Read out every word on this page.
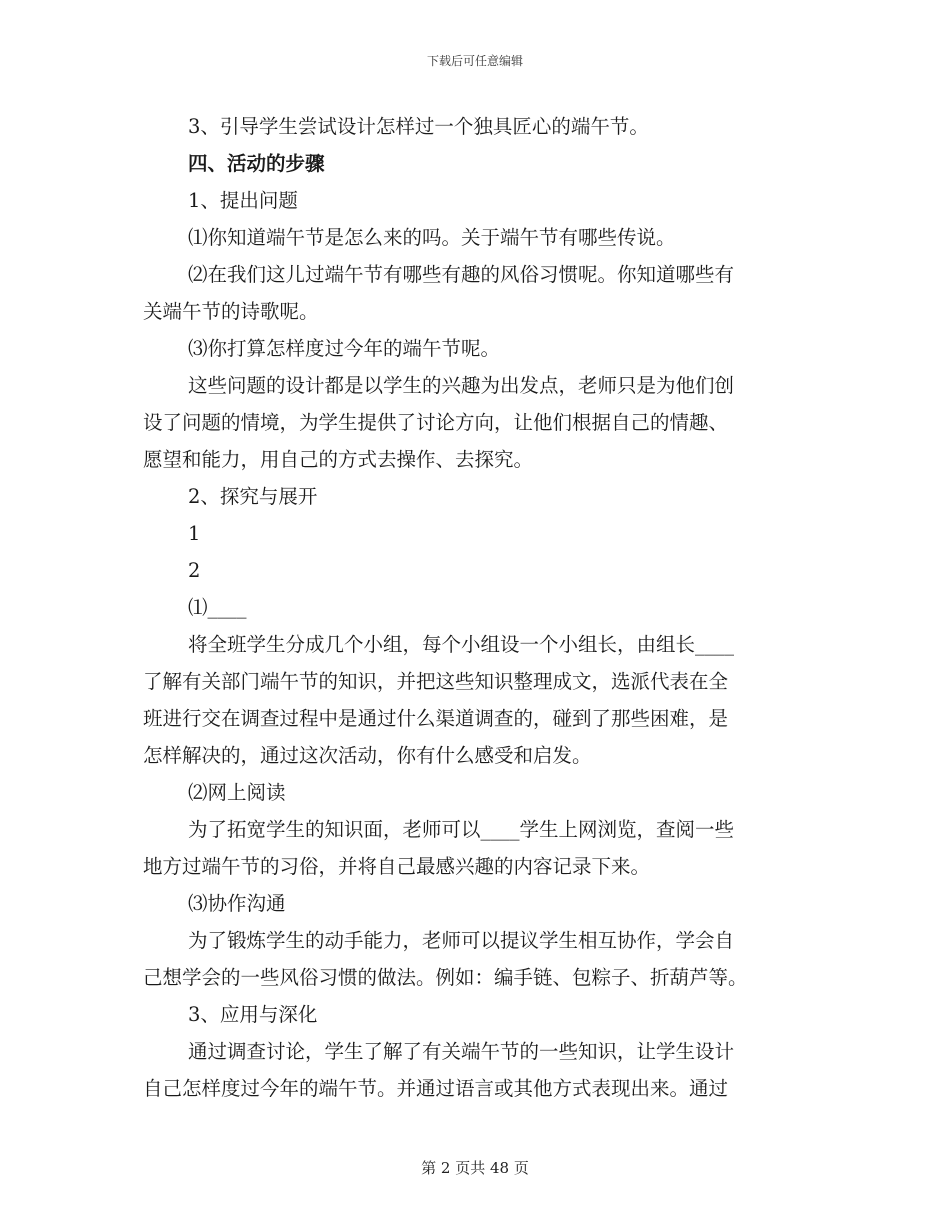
下载后可任意编辑

3、引导学生尝试设计怎样过一个独具匠心的端午节。

四、活动的步骤

1、提出问题

⑴你知道端午节是怎么来的吗。关于端午节有哪些传说。

⑵在我们这儿过端午节有哪些有趣的风俗习惯呢。你知道哪些有

关端午节的诗歌呢。

⑶你打算怎样度过今年的端午节呢。

这些问题的设计都是以学生的兴趣为出发点，老师只是为他们创

设了问题的情境，为学生提供了讨论方向，让他们根据自己的情趣、

愿望和能力，用自己的方式去操作、去探究。

2、探究与展开

1

2

⑴____

将全班学生分成几个小组，每个小组设一个小组长，由组长____

了解有关部门端午节的知识，并把这些知识整理成文，选派代表在全

班进行交在调查过程中是通过什么渠道调查的，碰到了那些困难，是

怎样解决的，通过这次活动，你有什么感受和启发。

⑵网上阅读

为了拓宽学生的知识面，老师可以____学生上网浏览，查阅一些

地方过端午节的习俗，并将自己最感兴趣的内容记录下来。

⑶协作沟通

为了锻炼学生的动手能力，老师可以提议学生相互协作，学会自

己想学会的一些风俗习惯的做法。例如：编手链、包粽子、折葫芦等。

3、应用与深化

通过调查讨论，学生了解了有关端午节的一些知识，让学生设计

自己怎样度过今年的端午节。并通过语言或其他方式表现出来。通过

第 2 页共 48 页
